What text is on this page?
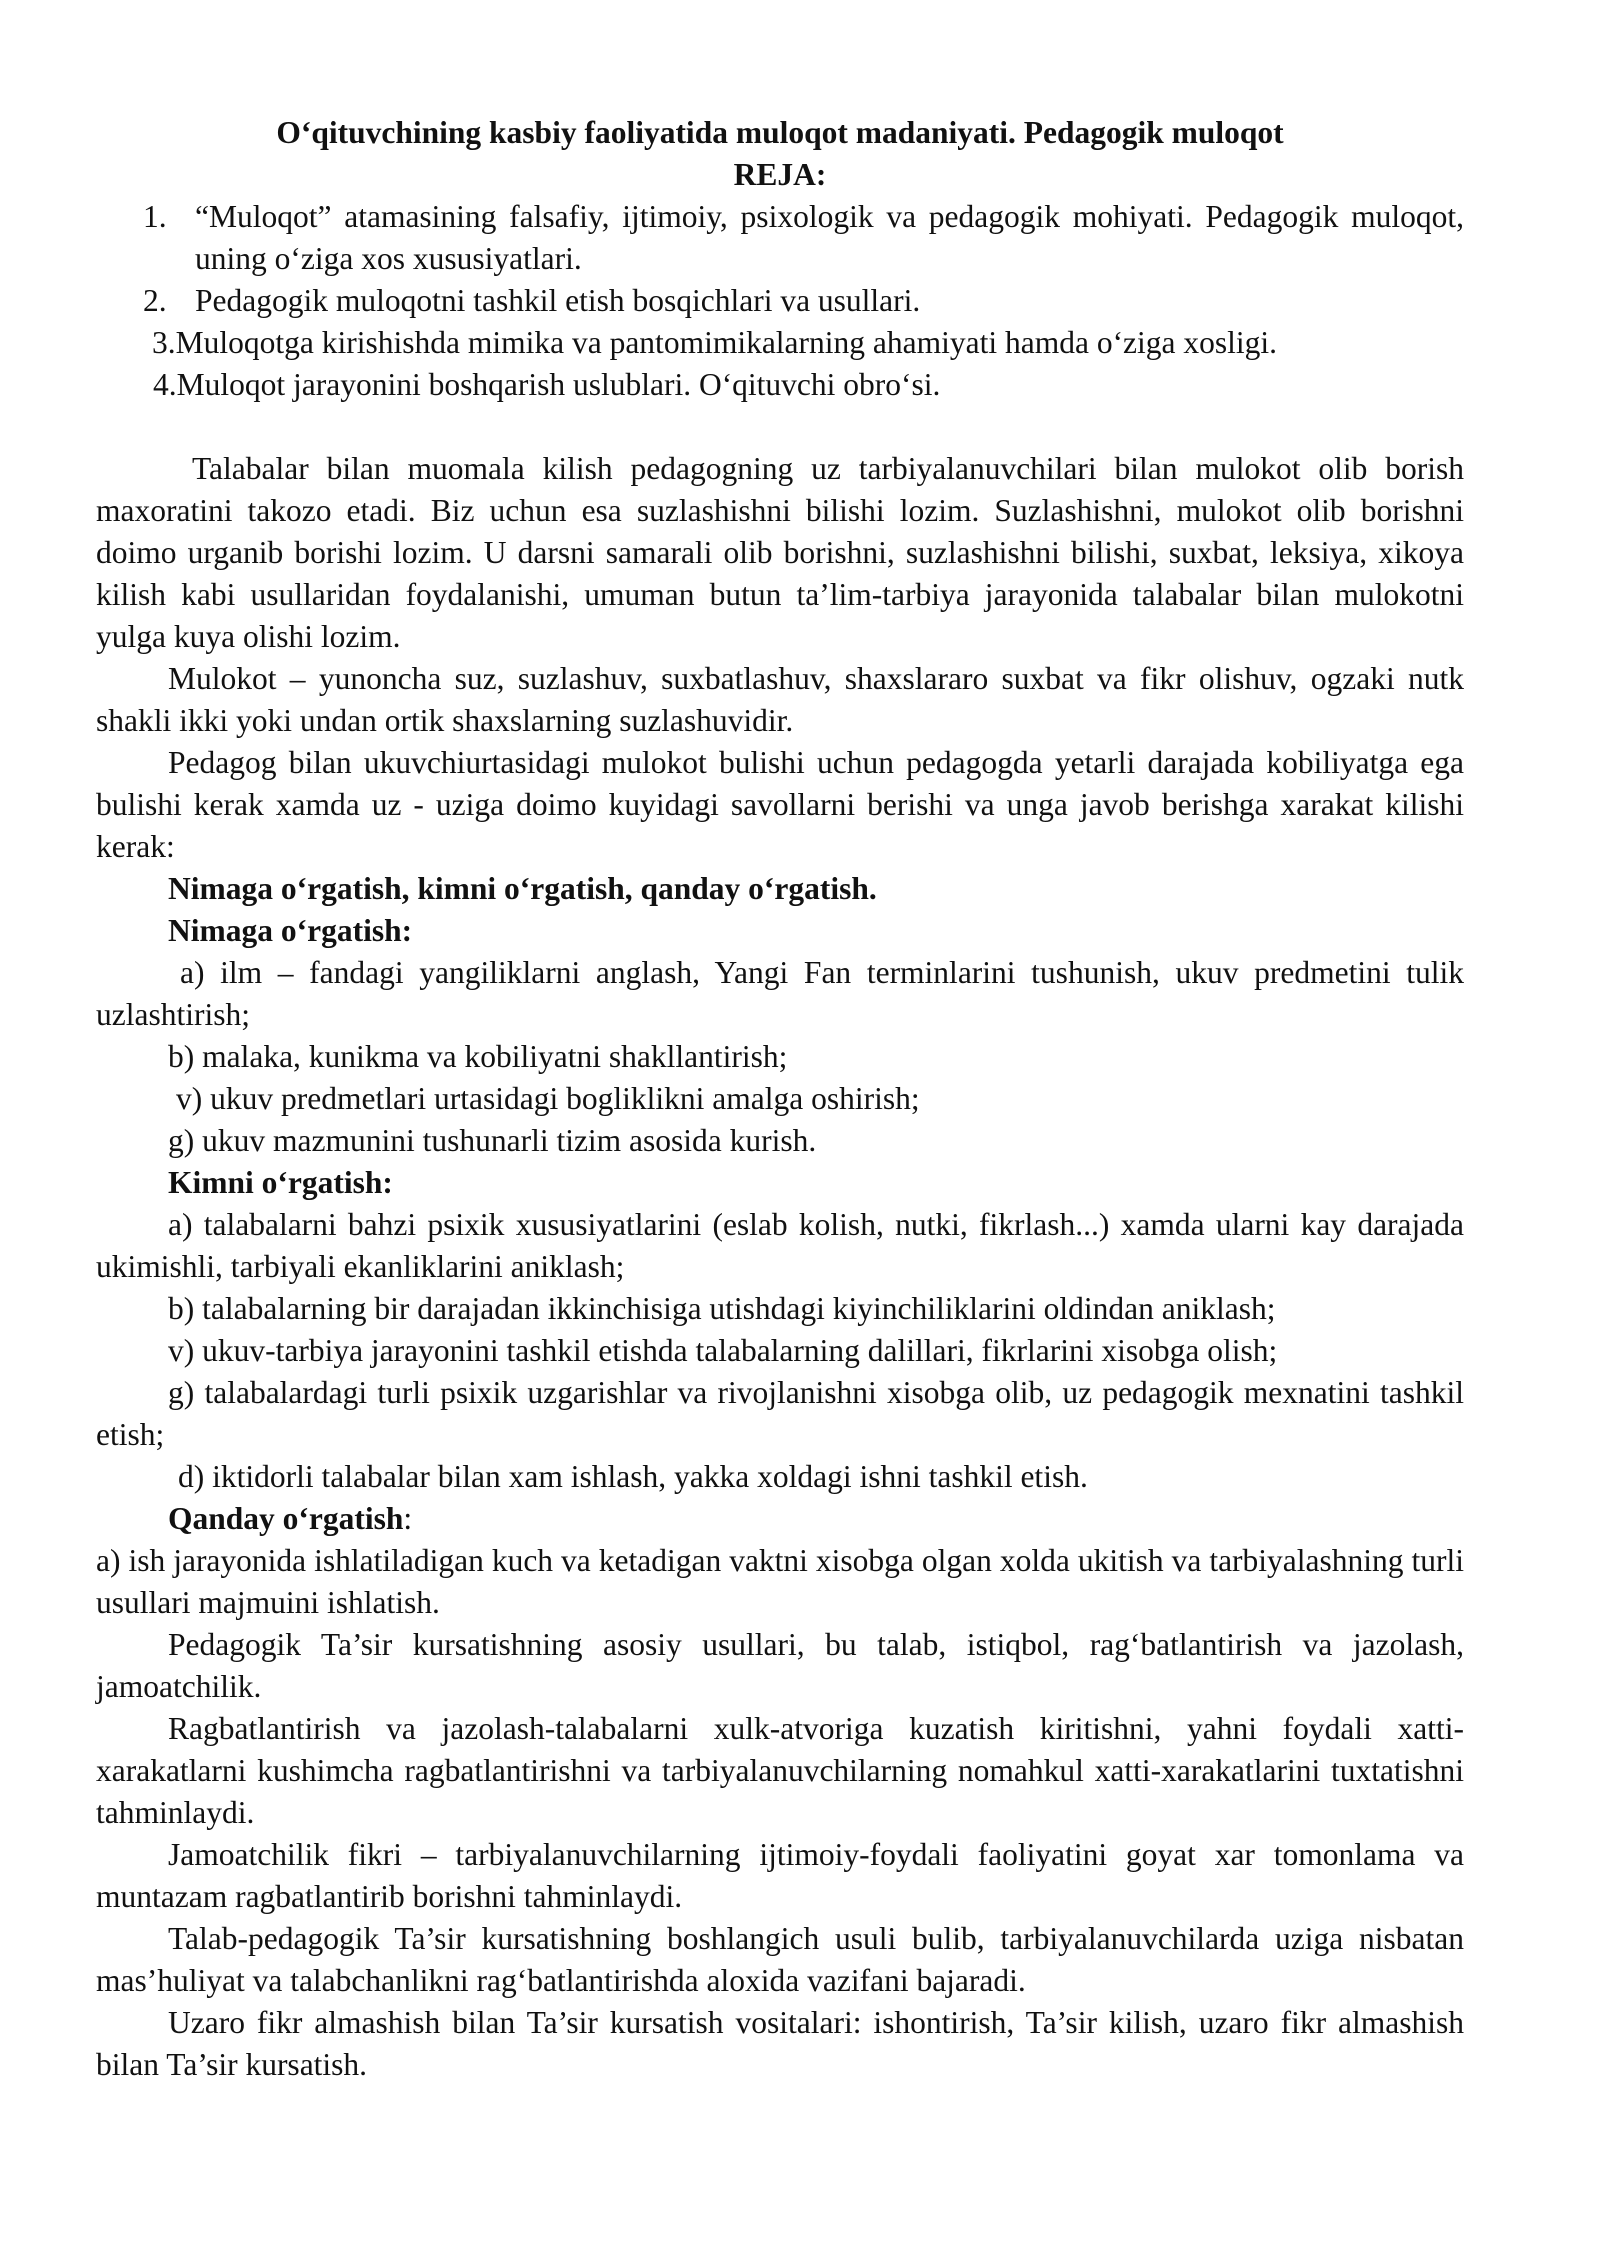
O‘qituvchining kasbiy faoliyatida muloqot madaniyati. Pedagogik muloqot

REJA:

1. “Muloqot” atamasining falsafiy, ijtimoiy, psixologik va pedagogik mohiyati. Pedagogik muloqot, uning o‘ziga xos xususiyatlari.
2. Pedagogik muloqotni tashkil etish bosqichlari va usullari.
3.Muloqotga kirishishda mimika va pantomimikalarning ahamiyati hamda o‘ziga xosligi.
4.Muloqot jarayonini boshqarish uslublari. O‘qituvchi obro‘si.

Talabalar bilan muomala kilish pedagogning uz tarbiyalanuvchilari bilan mulokot olib borish maxoratini takozo etadi. Biz uchun esa suzlashishni bilishi lozim. Suzlashishni, mulokot olib borishni doimo urganib borishi lozim. U darsni samarali olib borishni, suzlashishni bilishi, suxbat, leksiya, xikoya kilish kabi usullaridan foydalanishi, umuman butun ta’lim-tarbiya jarayonida talabalar bilan mulokotni yulga kuya olishi lozim.

Mulokot – yunoncha suz, suzlashuv, suxbatlashuv, shaxslararo suxbat va fikr olishuv, ogzaki nutk shakli ikki yoki undan ortik shaxslarning suzlashuvidir.

Pedagog bilan ukuvchiurtasidagi mulokot bulishi uchun pedagogda yetarli darajada kobiliyatga ega bulishi kerak xamda uz - uziga doimo kuyidagi savollarni berishi va unga javob berishga xarakat kilishi kerak:

Nimaga o‘rgatish, kimni o‘rgatish, qanday o‘rgatish.

Nimaga o‘rgatish:

a) ilm – fandagi yangiliklarni anglash, Yangi Fan terminlarini tushunish, ukuv predmetini tulik uzlashtirish;

b) malaka, kunikma va kobiliyatni shakllantirish;

v) ukuv predmetlari urtasidagi bogliklikni amalga oshirish;

g) ukuv mazmunini tushunarli tizim asosida kurish.

Kimni o‘rgatish:

a) talabalarni bahzi psixik xususiyatlarini (eslab kolish, nutki, fikrlash...) xamda ularni kay darajada ukimishli, tarbiyali ekanliklarini aniklash;

b) talabalarning bir darajadan ikkinchisiga utishdagi kiyinchiliklarini oldindan aniklash;

v) ukuv-tarbiya jarayonini tashkil etishda talabalarning dalillari, fikrlarini xisobga olish;

g) talabalardagi turli psixik uzgarishlar va rivojlanishni xisobga olib, uz pedagogik mexnatini tashkil etish;

d) iktidorli talabalar bilan xam ishlash, yakka xoldagi ishni tashkil etish.

Qanday o‘rgatish:

a) ish jarayonida ishlatiladigan kuch va ketadigan vaktni xisobga olgan xolda ukitish va tarbiyalashning turli usullari majmuini ishlatish.

Pedagogik Ta’sir kursatishning asosiy usullari, bu talab, istiqbol, rag‘batlantirish va jazolash, jamoatchilik.

Ragbatlantirish va jazolash-talabalarni xulk-atvoriga kuzatish kiritishni, yahni foydali xatti-xarakatlarni kushimcha ragbatlantirishni va tarbiyalanuvchilarning nomahkul xatti-xarakatlarini tuxtatishni tahminlaydi.

Jamoatchilik fikri – tarbiyalanuvchilarning ijtimoiy-foydali faoliyatini goyat xar tomonlama va muntazam ragbatlantirib borishni tahminlaydi.

Talab-pedagogik Ta’sir kursatishning boshlangich usuli bulib, tarbiyalanuvchilarda uziga nisbatan mas’huliyat va talabchanlikni rag‘batlantirishda aloxida vazifani bajaradi.

Uzaro fikr almashish bilan Ta’sir kursatish vositalari: ishontirish, Ta’sir kilish, uzaro fikr almashish bilan Ta’sir kursatish.
